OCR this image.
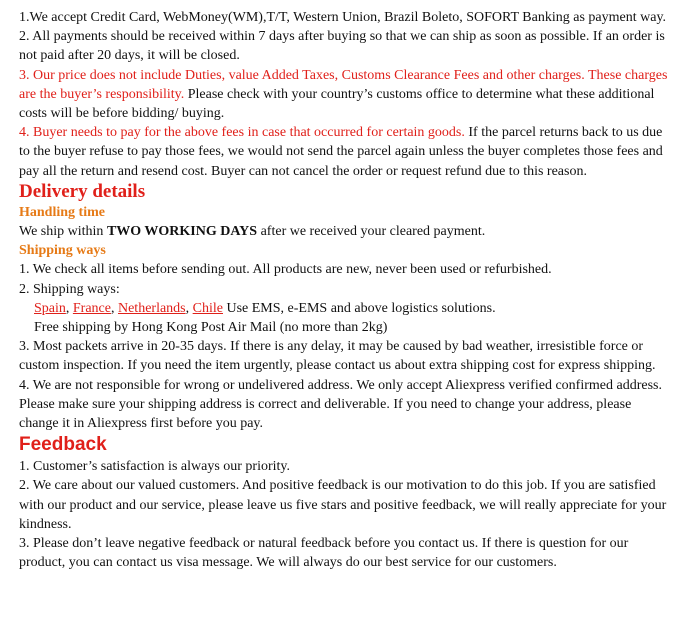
1.We accept Credit Card, WebMoney(WM),T/T, Western Union, Brazil Boleto, SOFORT Banking as payment way.

2. All payments should be received within 7 days after buying so that we can ship as soon as possible. If an order is not paid after 20 days, it will be closed.

3. Our price does not include Duties, value Added Taxes, Customs Clearance Fees and other charges. These charges are the buyer’s responsibility. Please check with your country’s customs office to determine what these additional costs will be before bidding/ buying.

4. Buyer needs to pay for the above fees in case that occurred for certain goods. If the parcel returns back to us due to the buyer refuse to pay those fees, we would not send the parcel again unless the buyer completes those fees and pay all the return and resend cost. Buyer can not cancel the order or request refund due to this reason.

Delivery details

Handling time

We ship within TWO WORKING DAYS after we received your cleared payment.

Shipping ways

1. We check all items before sending out. All products are new, never been used or refurbished.

2. Shipping ways:

Spain, France, Netherlands, Chile Use EMS, e-EMS and above logistics solutions.

Free shipping by Hong Kong Post Air Mail (no more than 2kg)

3. Most packets arrive in 20-35 days. If there is any delay, it may be caused by bad weather, irresistible force or custom inspection. If you need the item urgently, please contact us about extra shipping cost for express shipping.

4. We are not responsible for wrong or undelivered address. We only accept Aliexpress verified confirmed address. Please make sure your shipping address is correct and deliverable. If you need to change your address, please change it in Aliexpress first before you pay.

Feedback

1. Customer’s satisfaction is always our priority.

2. We care about our valued customers. And positive feedback is our motivation to do this job. If you are satisfied with our product and our service, please leave us five stars and positive feedback, we will really appreciate for your kindness.

3. Please don’t leave negative feedback or natural feedback before you contact us. If there is question for our product, you can contact us visa message. We will always do our best service for our customers.
